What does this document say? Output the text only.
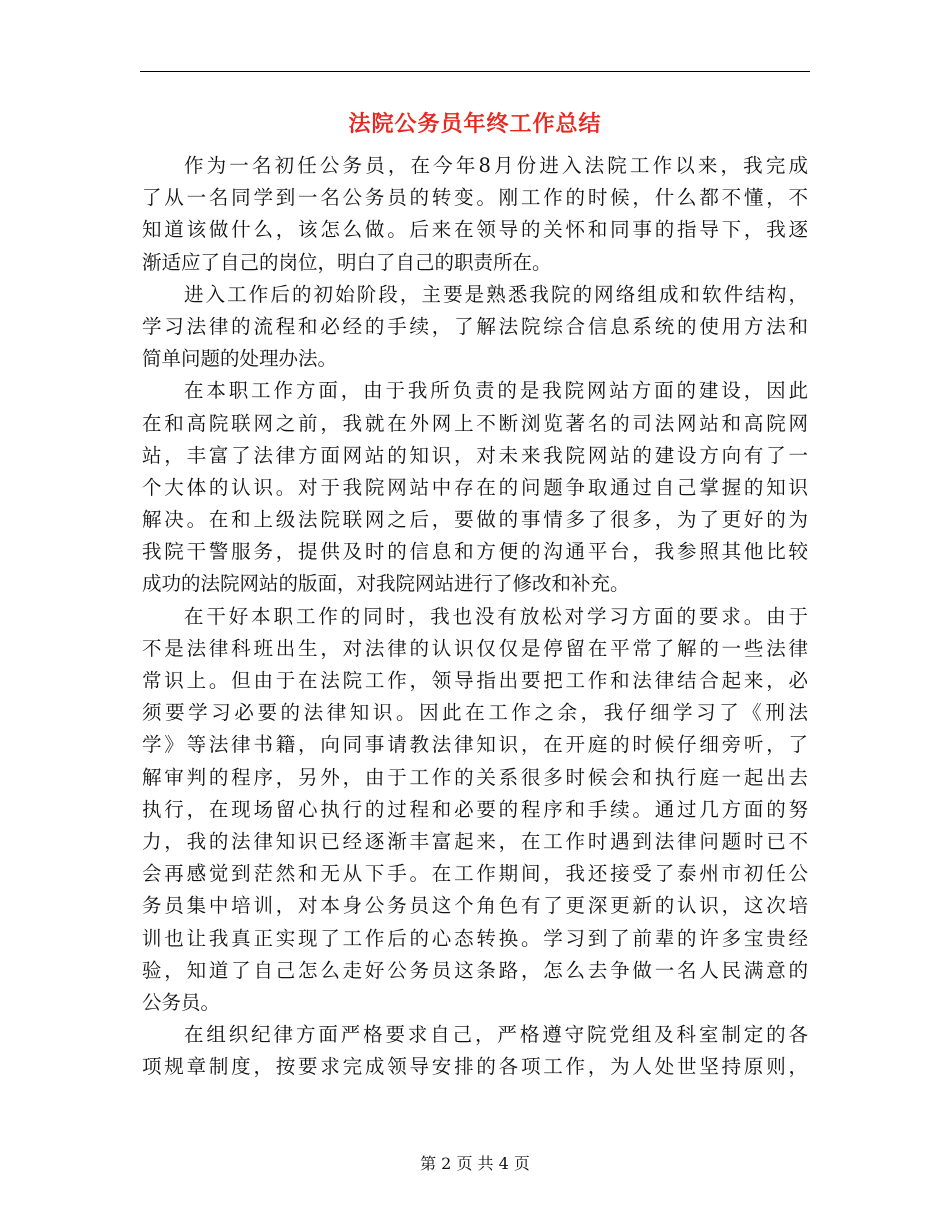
法院公务员年终工作总结
作为一名初任公务员，在今年8月份进入法院工作以来，我完成
了从一名同学到一名公务员的转变。刚工作的时候，什么都不懂，不
知道该做什么，该怎么做。后来在领导的关怀和同事的指导下，我逐
渐适应了自己的岗位，明白了自己的职责所在。
进入工作后的初始阶段，主要是熟悉我院的网络组成和软件结构，
学习法律的流程和必经的手续，了解法院综合信息系统的使用方法和
简单问题的处理办法。
在本职工作方面，由于我所负责的是我院网站方面的建设，因此
在和高院联网之前，我就在外网上不断浏览著名的司法网站和高院网
站，丰富了法律方面网站的知识，对未来我院网站的建设方向有了一
个大体的认识。对于我院网站中存在的问题争取通过自己掌握的知识
解决。在和上级法院联网之后，要做的事情多了很多，为了更好的为
我院干警服务，提供及时的信息和方便的沟通平台，我参照其他比较
成功的法院网站的版面，对我院网站进行了修改和补充。
在干好本职工作的同时，我也没有放松对学习方面的要求。由于
不是法律科班出生，对法律的认识仅仅是停留在平常了解的一些法律
常识上。但由于在法院工作，领导指出要把工作和法律结合起来，必
须要学习必要的法律知识。因此在工作之余，我仔细学习了《刑法
学》等法律书籍，向同事请教法律知识，在开庭的时候仔细旁听，了
解审判的程序，另外，由于工作的关系很多时候会和执行庭一起出去
执行，在现场留心执行的过程和必要的程序和手续。通过几方面的努
力，我的法律知识已经逐渐丰富起来，在工作时遇到法律问题时已不
会再感觉到茫然和无从下手。在工作期间，我还接受了泰州市初任公
务员集中培训，对本身公务员这个角色有了更深更新的认识，这次培
训也让我真正实现了工作后的心态转换。学习到了前辈的许多宝贵经
验，知道了自己怎么走好公务员这条路，怎么去争做一名人民满意的
公务员。
在组织纪律方面严格要求自己，严格遵守院党组及科室制定的各
项规章制度，按要求完成领导安排的各项工作，为人处世坚持原则，
第 2 页 共 4 页
